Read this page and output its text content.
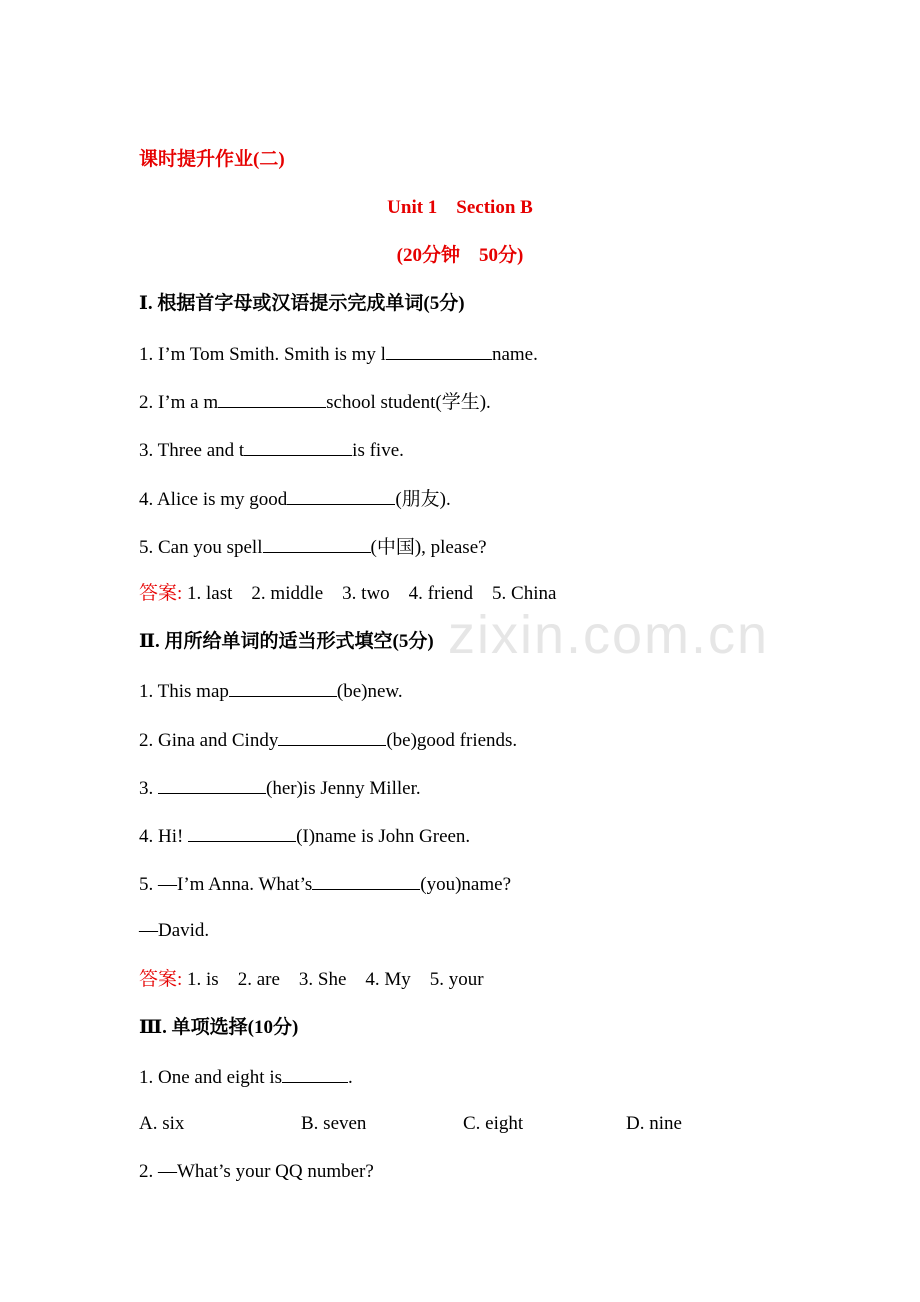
zixin.com.cn
课时提升作业(二)
Unit 1　Section B
(20分钟　50分)
Ⅰ. 根据首字母或汉语提示完成单词(5分)
1. I’m Tom Smith. Smith is my l	name.
2. I’m a m	school student(学生).
3. Three and t	is five.
4. Alice is my good	(朋友).
5. Can you spell	(中国), please?
答案: 1. last　2. middle　3. two　4. friend　5. China
Ⅱ. 用所给单词的适当形式填空(5分)
1. This map	(be)new.
2. Gina and Cindy	(be)good friends.
3.	(her)is Jenny Miller.
4. Hi!	(I)name is John Green.
5. —I’m Anna. What’s	(you)name?
—David.
答案: 1. is　2. are　3. She　4. My　5. your
Ⅲ. 单项选择(10分)
1. One and eight is	.
A. six	B. seven	C. eight	D. nine
2. —What’s your QQ number?
